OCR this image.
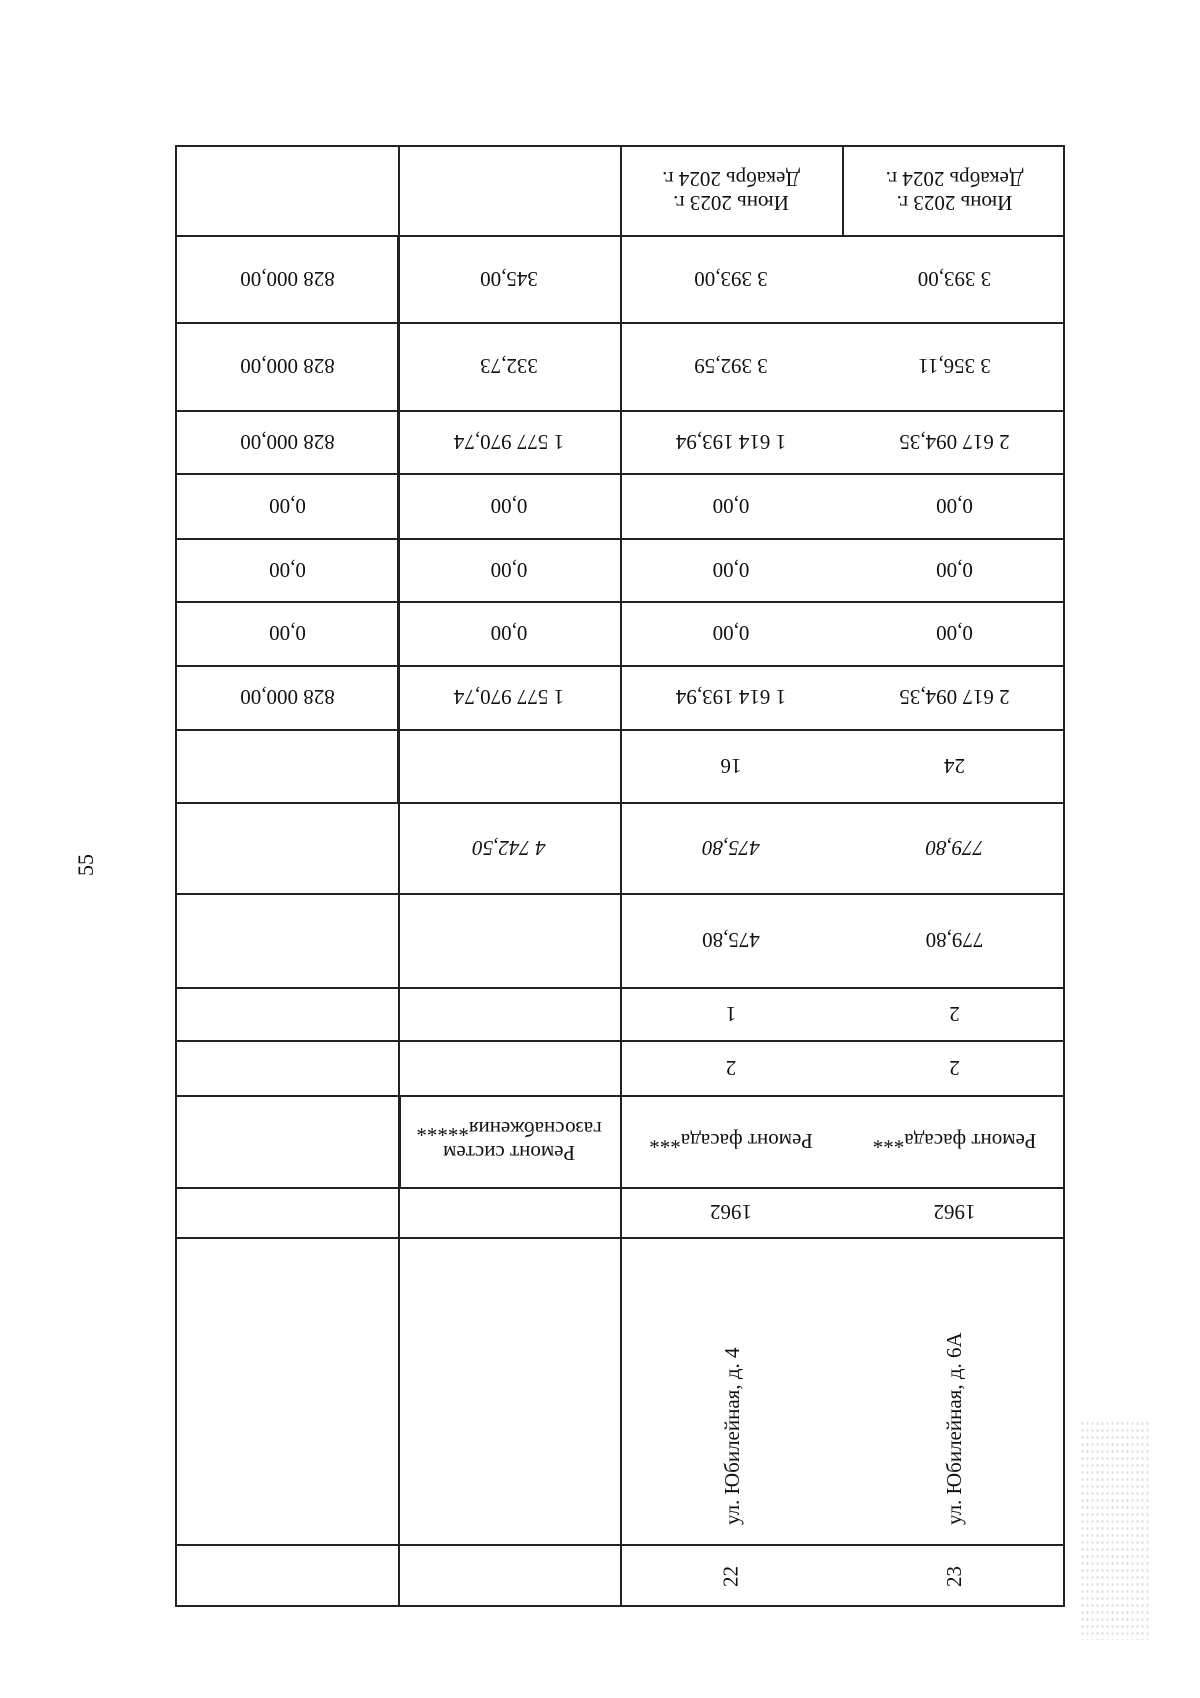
55
Июнь 2023 г.
Декабрь 2024 г.
Июнь 2023 г.
Декабрь 2024 г.
3 393,00
3 356,11
2 617 094,35
0,00
0,00
0,00
2 617 094,35
24
779,80
779,80
2
2
Ремонт фасада***
1962
ул. Юбилейная, д. 6А
23
3 393,00
3 392,59
1 614 193,94
0,00
0,00
0,00
1 614 193,94
16
475,80
475,80
1
2
Ремонт фасада***
1962
ул. Юбилейная, д. 4
22
345,00
332,73
1 577 970,74
0,00
0,00
0,00
1 577 970,74
4 742,50
Ремонт систем газоснабжения*****
828 000,00
828 000,00
828 000,00
0,00
0,00
0,00
828 000,00
